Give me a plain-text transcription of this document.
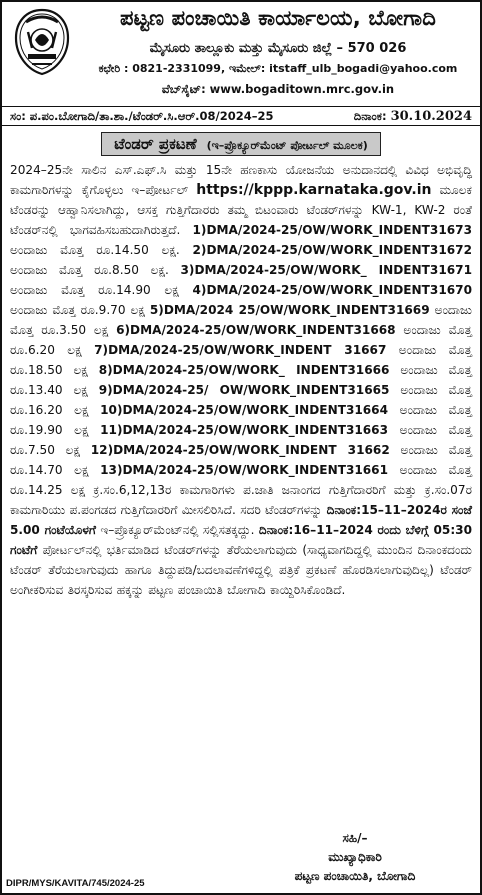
ಪಟ್ಟಣ ಪಂಚಾಯಿತಿ ಕಾರ್ಯಾಲಯ, ಬೋಗಾದಿ
ಮೈಸೂರು ತಾಲ್ಲೂಕು ಮತ್ತು ಮೈಸೂರು ಜಿಲ್ಲೆ – 570 026
ಕಛೇರಿ : 0821-2331099, ಇಮೇಲ್: itstaff_ulb_bogadi@yahoo.com
ವೆಬ್‌ಸೈಟ್: www.bogaditown.mrc.gov.in
ಸಂ: ಪ.ಪಂ.ಬೋಗಾದಿ/ತಾ.ಶಾ./ಟೆಂಡರ್.ಸಿ.ಆರ್.08/2024–25	ದಿನಾಂಕ: 30.10.2024
ಟೆಂಡರ್ ಪ್ರಕಟಣೆ (ಇ–ಪ್ರೊಕ್ಯೂರ್‌ಮೆಂಟ್ ಪೋರ್ಟಲ್ ಮೂಲಕ)
2024–25ನೇ ಸಾಲಿನ ಎಸ್.ಎಫ್.ಸಿ ಮತ್ತು 15ನೇ ಹಣಕಾಸು ಯೋಜನೆಯ ಅನುದಾನದಲ್ಲಿ ವಿವಿಧ ಅಭಿವೃದ್ಧಿ ಕಾಮಗಾರಿಗಳನ್ನು ಕೈಗೊಳ್ಳಲು ಇ–ಪೋರ್ಟಲ್ https://kppp.karnataka.gov.in ಮೂಲಕ ಟೆಂಡರನ್ನು ಆಹ್ವಾನಿಸಲಾಗಿದ್ದು, ಆಸಕ್ತ ಗುತ್ತಿಗೆದಾರರು ತಮ್ಮ ಬಿಟಂವಾರು ಟೆಂಡರ್‌ಗಳನ್ನು KW-1, KW-2 ರಂತೆ ಟೆಂಡರ್‌ನಲ್ಲಿ ಭಾಗವಹಿಸಬಹುದಾಗಿರುತ್ತದೆ. 1)DMA/2024-25/OW/WORK_INDENT31673 ಅಂದಾಜು ಮೊತ್ತ ರೂ.14.50 ಲಕ್ಷ. 2)DMA/2024-25/OW/WORK_INDENT31672 ಅಂದಾಜು ಮೊತ್ತ ರೂ.8.50 ಲಕ್ಷ. 3)DMA/2024-25/OW/WORK_ INDENT31671 ಅಂದಾಜು ಮೊತ್ತ ರೂ.14.90 ಲಕ್ಷ 4)DMA/2024-25/OW/WORK_INDENT31670 ಅಂದಾಜು ಮೊತ್ತ ರೂ.9.70 ಲಕ್ಷ 5)DMA/2024 25/OW/WORK_INDENT31669 ಅಂದಾಜು ಮೊತ್ತ ರೂ.3.50 ಲಕ್ಷ 6)DMA/2024-25/OW/WORK_INDENT31668 ಅಂದಾಜು ಮೊತ್ತ ರೂ.6.20 ಲಕ್ಷ 7)DMA/2024-25/OW/WORK_INDENT 31667 ಅಂದಾಜು ಮೊತ್ತ ರೂ.18.50 ಲಕ್ಷ 8)DMA/2024-25/OW/WORK_ INDENT31666 ಅಂದಾಜು ಮೊತ್ತ ರೂ.13.40 ಲಕ್ಷ 9)DMA/2024-25/ OW/WORK_INDENT31665 ಅಂದಾಜು ಮೊತ್ತ ರೂ.16.20 ಲಕ್ಷ 10)DMA/2024-25/OW/WORK_INDENT31664 ಅಂದಾಜು ಮೊತ್ತ ರೂ.19.90 ಲಕ್ಷ 11)DMA/2024-25/OW/WORK_INDENT31663 ಅಂದಾಜು ಮೊತ್ತ ರೂ.7.50 ಲಕ್ಷ 12)DMA/2024-25/OW/WORK_INDENT 31662 ಅಂದಾಜು ಮೊತ್ತ ರೂ.14.70 ಲಕ್ಷ 13)DMA/2024-25/OW/WORK_INDENT31661 ಅಂದಾಜು ಮೊತ್ತ ರೂ.14.25 ಲಕ್ಷ ಕ್ರ.ಸಂ.6,12,13ರ ಕಾಮಗಾರಿಗಳು ಪ.ಜಾತಿ ಜನಾಂಗದ ಗುತ್ತಿಗೆದಾರರಿಗೆ ಮತ್ತು ಕ್ರ.ಸಂ.07ರ ಕಾಮಗಾರಿಯು ಪ.ಪಂಗಡದ ಗುತ್ತಿಗೆದಾರರಿಗೆ ಮೀಸಲಿರಿಸಿದೆ. ಸದರಿ ಟೆಂಡರ್‌ಗಳನ್ನು ದಿನಾಂಕ:15–11–2024ರ ಸಂಜೆ 5.00 ಗಂಟೆಯೊಳಗೆ ಇ–ಪ್ರೊಕ್ಯೂರ್‌ಮೆಂಟ್‌ನಲ್ಲಿ ಸಲ್ಲಿಸತಕ್ಕದ್ದು. ದಿನಾಂಕ:16–11–2024 ರಂದು ಬೆಳಿಗ್ಗೆ 05:30 ಗಂಟೆಗೆ ಪೋರ್ಟಲ್‌ನಲ್ಲಿ ಭರ್ತಿಮಾಡಿದ ಟೆಂಡರ್‌ಗಳನ್ನು ತೆರೆಯಲಾಗುವುದು (ಸಾಧ್ಯವಾಗದಿದ್ದಲ್ಲಿ ಮುಂದಿನ ದಿನಾಂಕದಂದು ಟೆಂಡರ್ ತೆರೆಯಲಾಗುವುದು ಹಾಗೂ ತಿದ್ದುಪಡಿ/ಬದಲಾವಣೆಗಳಿದ್ದಲ್ಲಿ ಪತ್ರಿಕೆ ಪ್ರಕಟಣೆ ಹೊರಡಿಸಲಾಗುವುದಿಲ್ಲ) ಟೆಂಡರ್ ಅಂಗೀಕರಿಸುವ ತಿರಸ್ಕರಿಸುವ ಹಕ್ಕನ್ನು ಪಟ್ಟಣ ಪಂಚಾಯಿತಿ ಬೋಗಾದಿ ಕಾಯ್ದಿರಿಸಿಕೊಂಡಿದೆ.
ಸಹಿ/–
ಮುಖ್ಯಾಧಿಕಾರಿ
ಪಟ್ಟಣ ಪಂಚಾಯಿತಿ, ಬೋಗಾದಿ
DIPR/MYS/KAVITA/745/2024-25
